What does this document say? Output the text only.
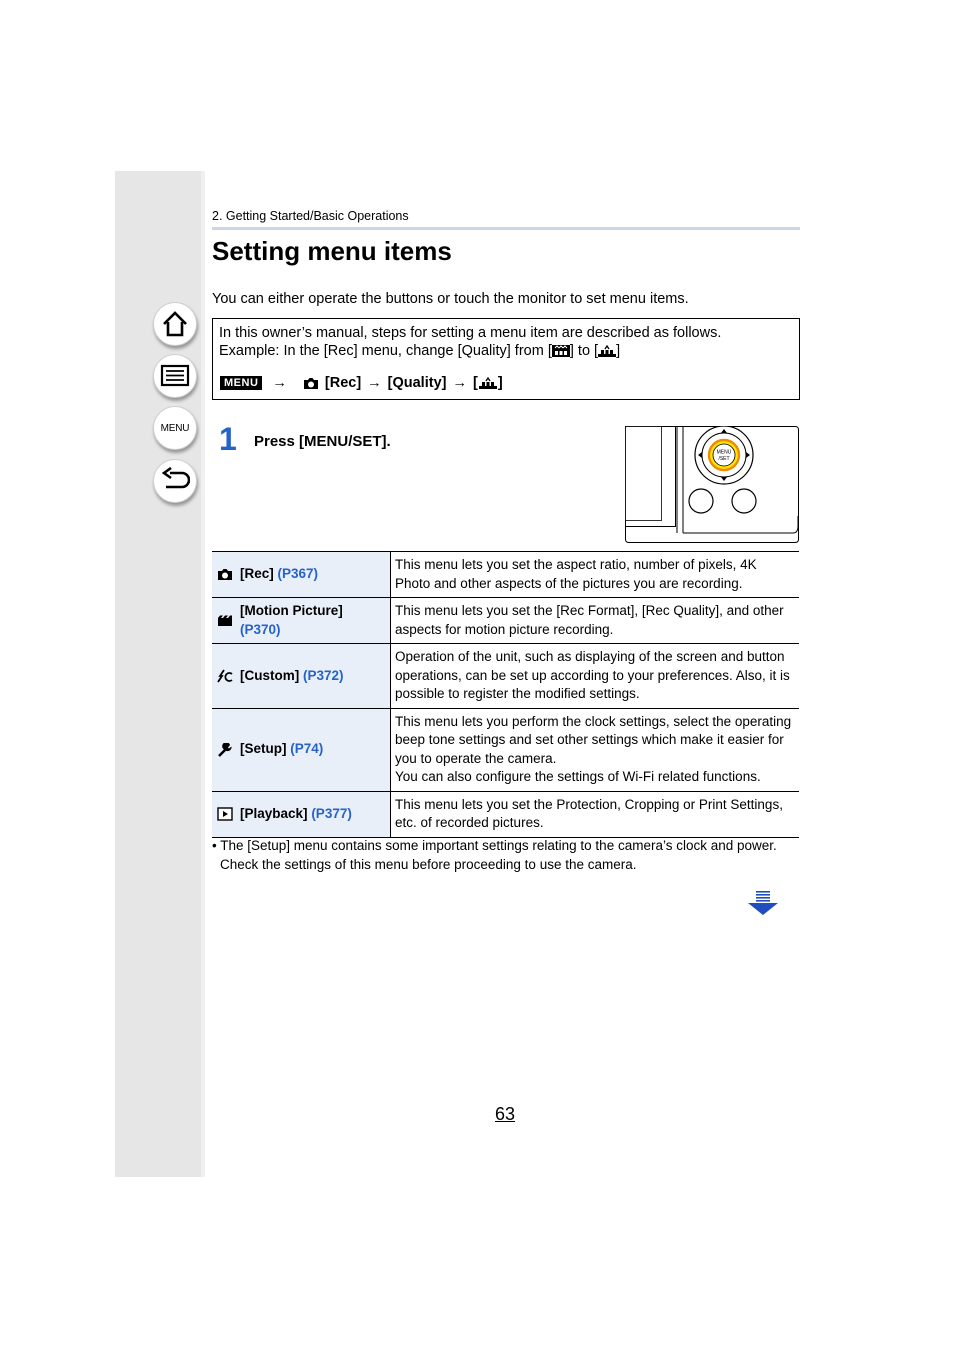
MENU
2. Getting Started/Basic Operations
Setting menu items
You can either operate the buttons or touch the monitor to set menu items.
In this owner’s manual, steps for setting a menu item are described as follows.
Example: In the [Rec] menu, change [Quality] from [ ] to [ ]
MENU →	[Rec] → [Quality] → [ ]
1 Press [MENU/SET].
MENU
/SET
[Rec] (P367)	This menu lets you set the aspect ratio, number of pixels, 4K Photo and other aspects of the pictures you are recording.

[Motion Picture]
(P370)	This menu lets you set the [Rec Format], [Rec Quality], and other aspects for motion picture recording.

[Custom] (P372)	Operation of the unit, such as displaying of the screen and button operations, can be set up according to your preferences. Also, it is possible to register the modified settings.

[Setup] (P74)	This menu lets you perform the clock settings, select the operating beep tone settings and set other settings which make it easier for you to operate the camera.
You can also configure the settings of Wi-Fi related functions.

[Playback] (P377)	This menu lets you set the Protection, Cropping or Print Settings, etc. of recorded pictures.
• The [Setup] menu contains some important settings relating to the camera’s clock and power.
Check the settings of this menu before proceeding to use the camera.
63
